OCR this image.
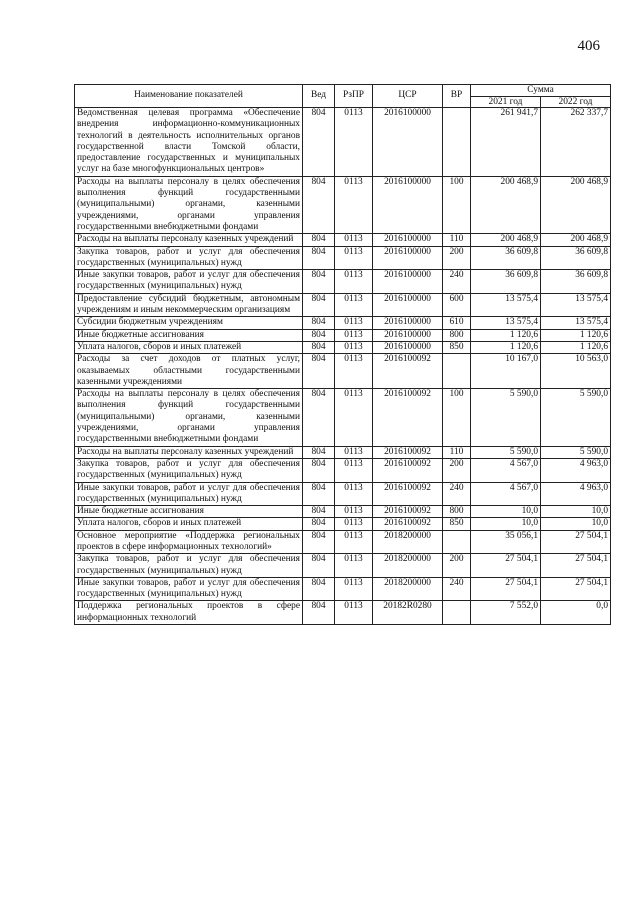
406
Наименование показателей	Вед	РзПР	ЦСР	ВР	Сумма	
					2021 год	2022 год
Ведомственная целевая программа «Обеспечение внедрения информационно-коммуникационных технологий в деятельность исполнительных органов государственной власти Томской области, предоставление государственных и муниципальных услуг на базе многофункциональных центров»	804	0113	2016100000		261 941,7	262 337,7
Расходы на выплаты персоналу в целях обеспечения выполнения функций государственными (муниципальными) органами, казенными учреждениями, органами управления государственными внебюджетными фондами	804	0113	2016100000	100	200 468,9	200 468,9
Расходы на выплаты персоналу казенных учреждений	804	0113	2016100000	110	200 468,9	200 468,9
Закупка товаров, работ и услуг для обеспечения государственных (муниципальных) нужд	804	0113	2016100000	200	36 609,8	36 609,8
Иные закупки товаров, работ и услуг для обеспечения государственных (муниципальных) нужд	804	0113	2016100000	240	36 609,8	36 609,8
Предоставление субсидий бюджетным, автономным учреждениям и иным некоммерческим организациям	804	0113	2016100000	600	13 575,4	13 575,4
Субсидии бюджетным учреждениям	804	0113	2016100000	610	13 575,4	13 575,4
Иные бюджетные ассигнования	804	0113	2016100000	800	1 120,6	1 120,6
Уплата налогов, сборов и иных платежей	804	0113	2016100000	850	1 120,6	1 120,6
Расходы за счет доходов от платных услуг, оказываемых областными государственными казенными учреждениями	804	0113	2016100092		10 167,0	10 563,0
Расходы на выплаты персоналу в целях обеспечения выполнения функций государственными (муниципальными) органами, казенными учреждениями, органами управления государственными внебюджетными фондами	804	0113	2016100092	100	5 590,0	5 590,0
Расходы на выплаты персоналу казенных учреждений	804	0113	2016100092	110	5 590,0	5 590,0
Закупка товаров, работ и услуг для обеспечения государственных (муниципальных) нужд	804	0113	2016100092	200	4 567,0	4 963,0
Иные закупки товаров, работ и услуг для обеспечения государственных (муниципальных) нужд	804	0113	2016100092	240	4 567,0	4 963,0
Иные бюджетные ассигнования	804	0113	2016100092	800	10,0	10,0
Уплата налогов, сборов и иных платежей	804	0113	2016100092	850	10,0	10,0
Основное мероприятие «Поддержка региональных проектов в сфере информационных технологий»	804	0113	2018200000		35 056,1	27 504,1
Закупка товаров, работ и услуг для обеспечения государственных (муниципальных) нужд	804	0113	2018200000	200	27 504,1	27 504,1
Иные закупки товаров, работ и услуг для обеспечения государственных (муниципальных) нужд	804	0113	2018200000	240	27 504,1	27 504,1
Поддержка региональных проектов в сфере информационных технологий	804	0113	20182R0280		7 552,0	0,0
